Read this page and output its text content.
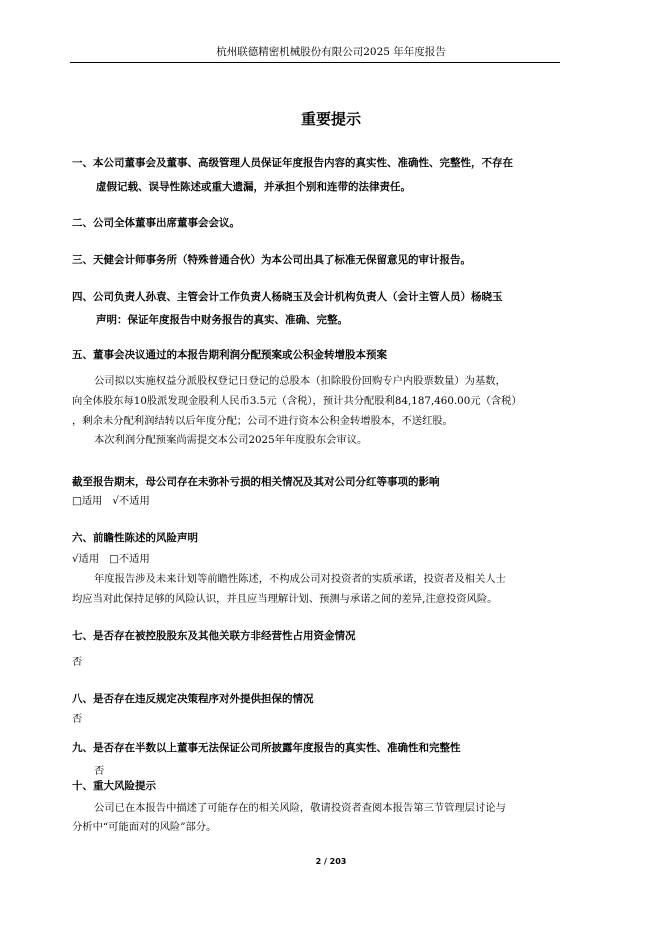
杭州联德精密机械股份有限公司2025 年年度报告
重要提示
一、本公司董事会及董事、高级管理人员保证年度报告内容的真实性、准确性、完整性，不存在
虚假记载、误导性陈述或重大遗漏，并承担个别和连带的法律责任。
二、公司全体董事出席董事会会议。
三、天健会计师事务所（特殊普通合伙）为本公司出具了标准无保留意见的审计报告。
四、公司负责人孙袁、主管会计工作负责人杨晓玉及会计机构负责人（会计主管人员）杨晓玉
声明：保证年度报告中财务报告的真实、准确、完整。
五、董事会决议通过的本报告期利润分配预案或公积金转增股本预案
公司拟以实施权益分派股权登记日登记的总股本（扣除股份回购专户内股票数量）为基数，
向全体股东每10股派发现金股利人民币3.5元（含税），预计共分配股利84,187,460.00元（含税）
，剩余未分配利润结转以后年度分配；公司不进行资本公积金转增股本，不送红股。
本次利润分配预案尚需提交本公司2025年年度股东会审议。
截至报告期末，母公司存在未弥补亏损的相关情况及其对公司分红等事项的影响
□适用 √不适用
六、前瞻性陈述的风险声明
√适用 □不适用
年度报告涉及未来计划等前瞻性陈述，不构成公司对投资者的实质承诺，投资者及相关人士
均应当对此保持足够的风险认识，并且应当理解计划、预测与承诺之间的差异,注意投资风险。
七、是否存在被控股股东及其他关联方非经营性占用资金情况
否
八、是否存在违反规定决策程序对外提供担保的情况
否
九、是否存在半数以上董事无法保证公司所披露年度报告的真实性、准确性和完整性
否
十、重大风险提示
公司已在本报告中描述了可能存在的相关风险，敬请投资者查阅本报告第三节管理层讨论与
分析中“可能面对的风险”部分。
2 / 203
